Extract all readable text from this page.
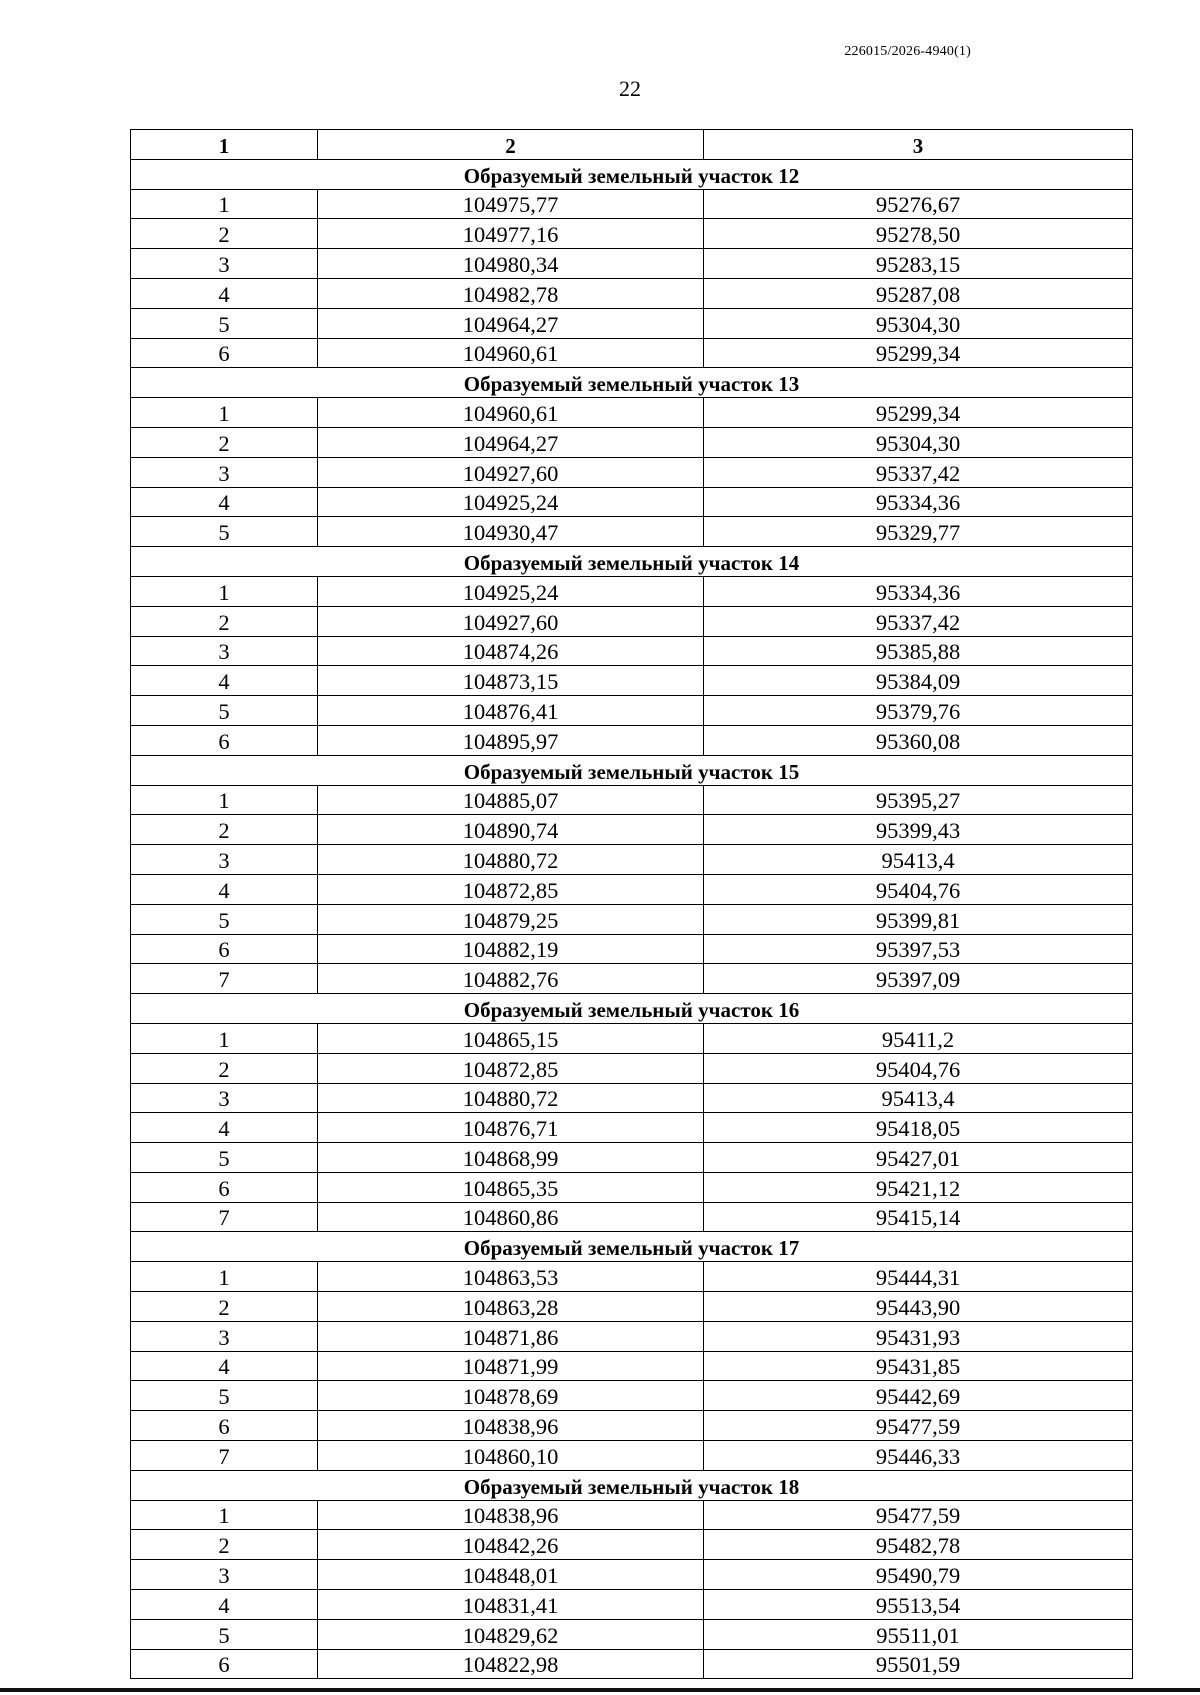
226015/2026-4940(1)
22
1	2	3
Образуемый земельный участок 12		
1	104975,77	95276,67
2	104977,16	95278,50
3	104980,34	95283,15
4	104982,78	95287,08
5	104964,27	95304,30
6	104960,61	95299,34
Образуемый земельный участок 13		
1	104960,61	95299,34
2	104964,27	95304,30
3	104927,60	95337,42
4	104925,24	95334,36
5	104930,47	95329,77
Образуемый земельный участок 14		
1	104925,24	95334,36
2	104927,60	95337,42
3	104874,26	95385,88
4	104873,15	95384,09
5	104876,41	95379,76
6	104895,97	95360,08
Образуемый земельный участок 15		
1	104885,07	95395,27
2	104890,74	95399,43
3	104880,72	95413,4
4	104872,85	95404,76
5	104879,25	95399,81
6	104882,19	95397,53
7	104882,76	95397,09
Образуемый земельный участок 16		
1	104865,15	95411,2
2	104872,85	95404,76
3	104880,72	95413,4
4	104876,71	95418,05
5	104868,99	95427,01
6	104865,35	95421,12
7	104860,86	95415,14
Образуемый земельный участок 17		
1	104863,53	95444,31
2	104863,28	95443,90
3	104871,86	95431,93
4	104871,99	95431,85
5	104878,69	95442,69
6	104838,96	95477,59
7	104860,10	95446,33
Образуемый земельный участок 18		
1	104838,96	95477,59
2	104842,26	95482,78
3	104848,01	95490,79
4	104831,41	95513,54
5	104829,62	95511,01
6	104822,98	95501,59
